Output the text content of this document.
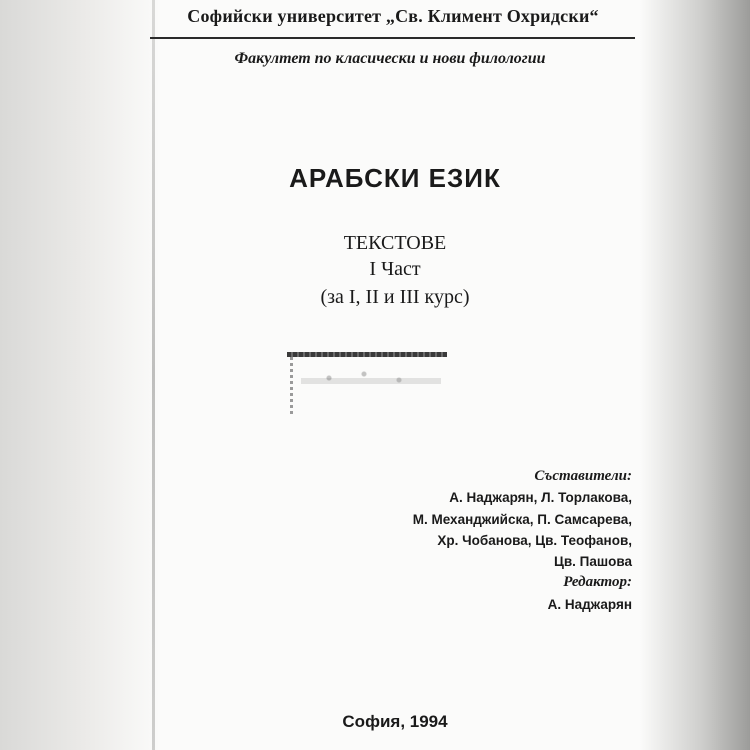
Софийски университет „Св. Климент Охридски“
Факултет по класически и нови филологии
АРАБСКИ ЕЗИК
ТЕКСТОВЕ
I Част
(за I, II и III курс)
Съставители:
А. Наджарян, Л. Торлакова,
М. Механджийска, П. Самсарева,
Хр. Чобанова, Цв. Теофанов,
Цв. Пашова
Редактор:
А. Наджарян
София, 1994
